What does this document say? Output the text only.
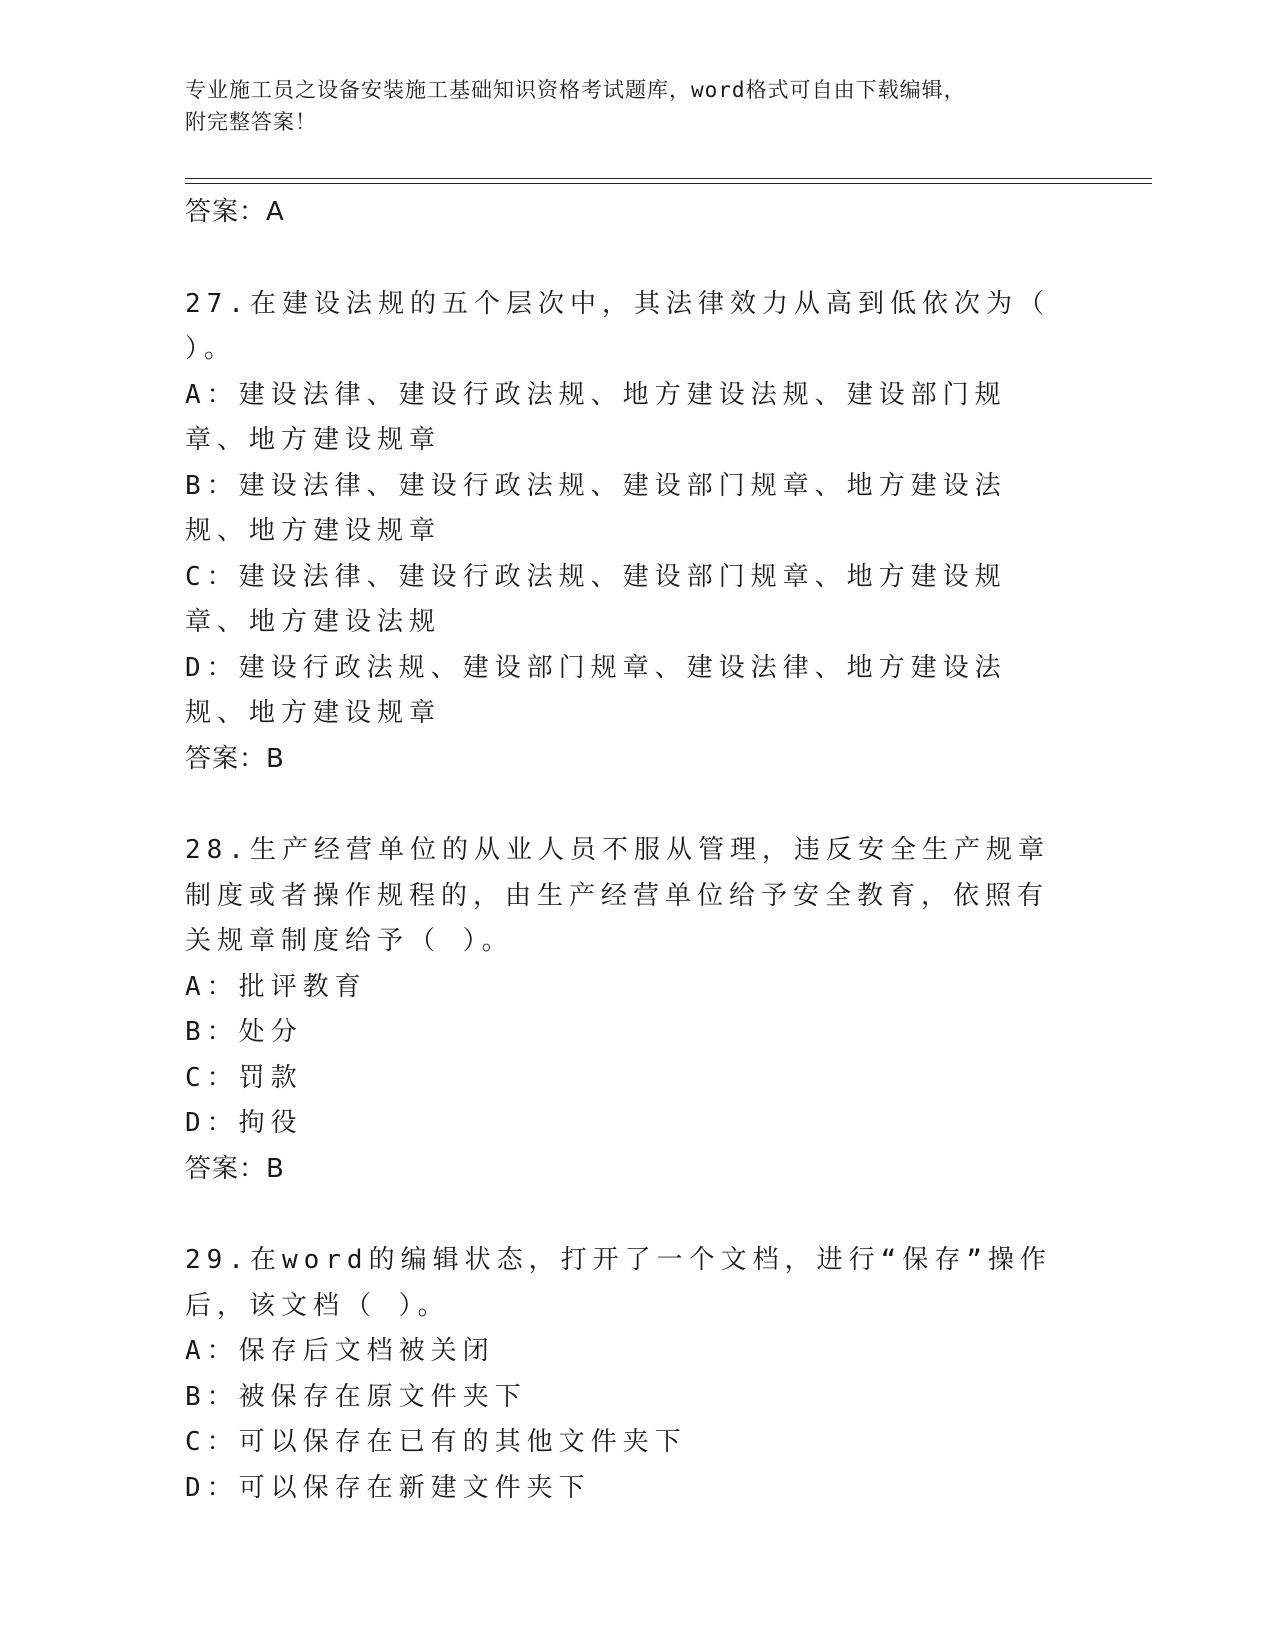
专业施工员之设备安装施工基础知识资格考试题库，word格式可自由下载编辑，
附完整答案！
答案：A
27.在建设法规的五个层次中，其法律效力从高到低依次为（ ）。
A：建设法律、建设行政法规、地方建设法规、建设部门规章、地方建设规章
B：建设法律、建设行政法规、建设部门规章、地方建设法规、地方建设规章
C：建设法律、建设行政法规、建设部门规章、地方建设规章、地方建设法规
D：建设行政法规、建设部门规章、建设法律、地方建设法规、地方建设规章
答案：B
28.生产经营单位的从业人员不服从管理，违反安全生产规章制度或者操作规程的，由生产经营单位给予安全教育，依照有关规章制度给予（ ）。
A：批评教育
B：处分
C：罚款
D：拘役
答案：B
29.在word的编辑状态，打开了一个文档，进行“保存”操作后，该文档（ ）。
A：保存后文档被关闭
B：被保存在原文件夹下
C：可以保存在已有的其他文件夹下
D：可以保存在新建文件夹下
